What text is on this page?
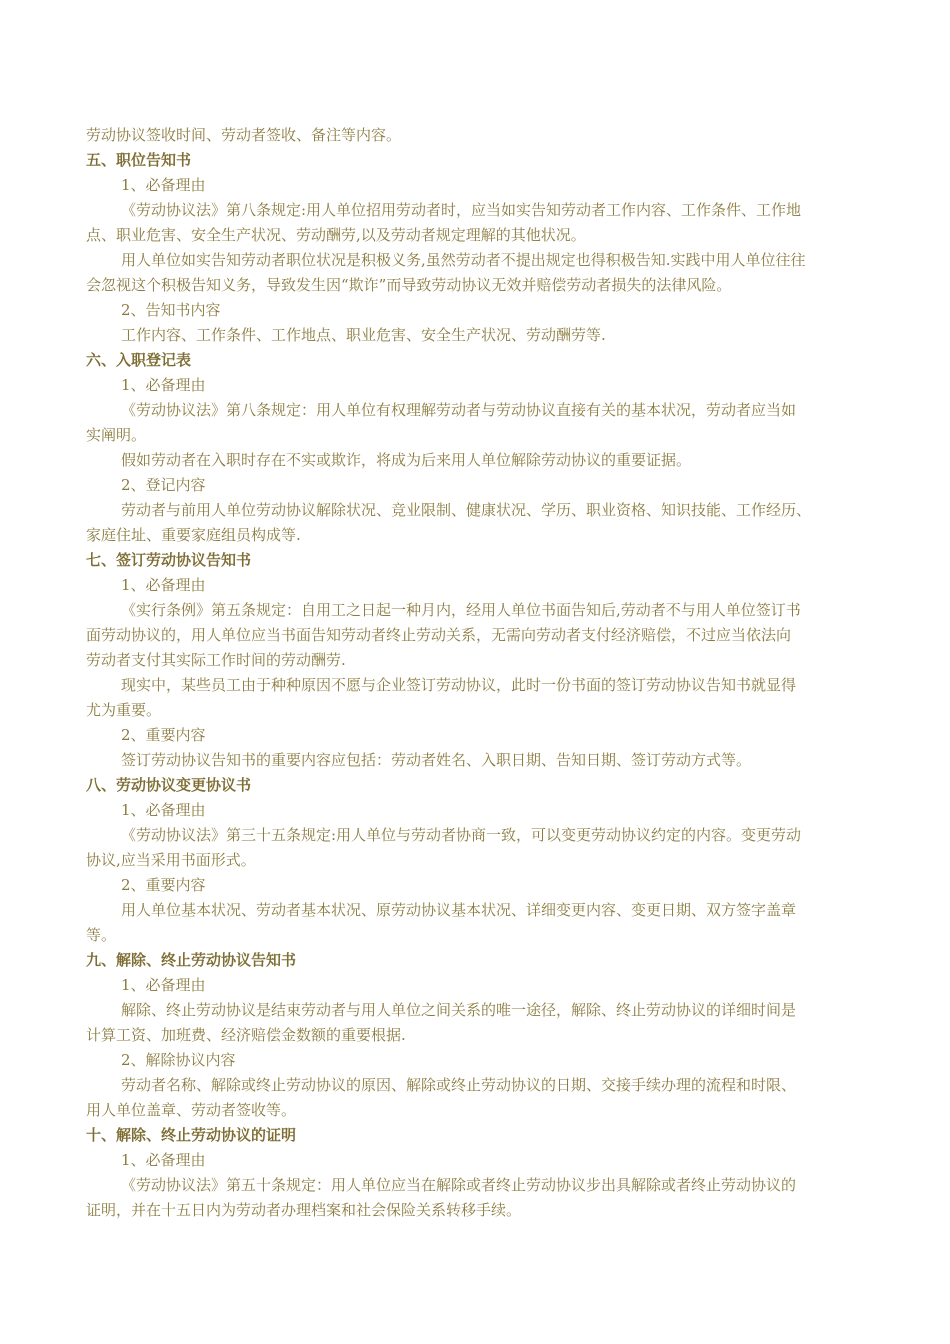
劳动协议签收时间、劳动者签收、备注等内容。
五、职位告知书
1、必备理由
《劳动协议法》第八条规定:用人单位招用劳动者时，应当如实告知劳动者工作内容、工作条件、工作地
点、职业危害、安全生产状况、劳动酬劳,以及劳动者规定理解的其他状况。
用人单位如实告知劳动者职位状况是积极义务,虽然劳动者不提出规定也得积极告知.实践中用人单位往往
会忽视这个积极告知义务，导致发生因“欺诈”而导致劳动协议无效并赔偿劳动者损失的法律风险。
2、告知书内容
工作内容、工作条件、工作地点、职业危害、安全生产状况、劳动酬劳等.
六、入职登记表
1、必备理由
《劳动协议法》第八条规定：用人单位有权理解劳动者与劳动协议直接有关的基本状况，劳动者应当如
实阐明。
假如劳动者在入职时存在不实或欺诈，将成为后来用人单位解除劳动协议的重要证据。
2、登记内容
劳动者与前用人单位劳动协议解除状况、竞业限制、健康状况、学历、职业资格、知识技能、工作经历、
家庭住址、重要家庭组员构成等.
七、签订劳动协议告知书
1、必备理由
《实行条例》第五条规定：自用工之日起一种月内，经用人单位书面告知后,劳动者不与用人单位签订书
面劳动协议的，用人单位应当书面告知劳动者终止劳动关系，无需向劳动者支付经济赔偿，不过应当依法向
劳动者支付其实际工作时间的劳动酬劳.
现实中，某些员工由于种种原因不愿与企业签订劳动协议，此时一份书面的签订劳动协议告知书就显得
尤为重要。
2、重要内容
签订劳动协议告知书的重要内容应包括：劳动者姓名、入职日期、告知日期、签订劳动方式等。
八、劳动协议变更协议书
1、必备理由
《劳动协议法》第三十五条规定:用人单位与劳动者协商一致，可以变更劳动协议约定的内容。变更劳动
协议,应当采用书面形式。
2、重要内容
用人单位基本状况、劳动者基本状况、原劳动协议基本状况、详细变更内容、变更日期、双方签字盖章
等。
九、解除、终止劳动协议告知书
1、必备理由
解除、终止劳动协议是结束劳动者与用人单位之间关系的唯一途径，解除、终止劳动协议的详细时间是
计算工资、加班费、经济赔偿金数额的重要根据.
2、解除协议内容
劳动者名称、解除或终止劳动协议的原因、解除或终止劳动协议的日期、交接手续办理的流程和时限、
用人单位盖章、劳动者签收等。
十、解除、终止劳动协议的证明
1、必备理由
《劳动协议法》第五十条规定：用人单位应当在解除或者终止劳动协议步出具解除或者终止劳动协议的
证明，并在十五日内为劳动者办理档案和社会保险关系转移手续。
